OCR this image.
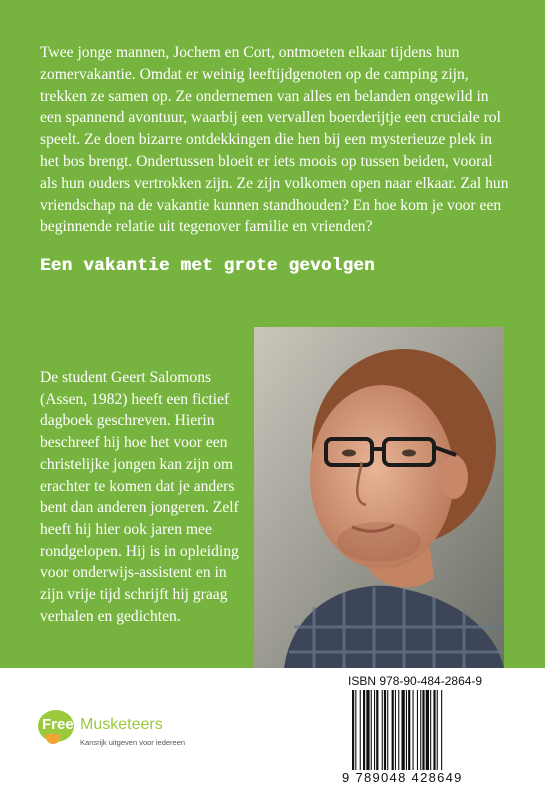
Twee jonge mannen, Jochem en Cort, ontmoeten elkaar tijdens hun zomervakantie. Omdat er weinig leeftijdgenoten op de camping zijn, trekken ze samen op. Ze ondernemen van alles en belanden ongewild in een spannend avontuur, waarbij een vervallen boerderijtje een cruciale rol speelt. Ze doen bizarre ontdekkingen die hen bij een mysterieuze plek in het bos brengt. Ondertussen bloeit er iets moois op tussen beiden, vooral als hun ouders vertrokken zijn. Ze zijn volkomen open naar elkaar. Zal hun vriendschap na de vakantie kunnen standhouden? En hoe kom je voor een beginnende relatie uit tegenover familie en vrienden?

Een vakantie met grote gevolgen

De student Geert Salomons (Assen, 1982) heeft een fictief dagboek geschreven. Hierin beschreef hij hoe het voor een christelijke jongen kan zijn om erachter te komen dat je anders bent dan anderen jongeren. Zelf heeft hij hier ook jaren mee rondgelopen. Hij is in opleiding voor onderwijs-assistent en in zijn vrije tijd schrijft hij graag verhalen en gedichten.

Free Musketeers
Kansrijk uitgeven voor iedereen
ISBN 978-90-484-2864-9
9 789048 428649
